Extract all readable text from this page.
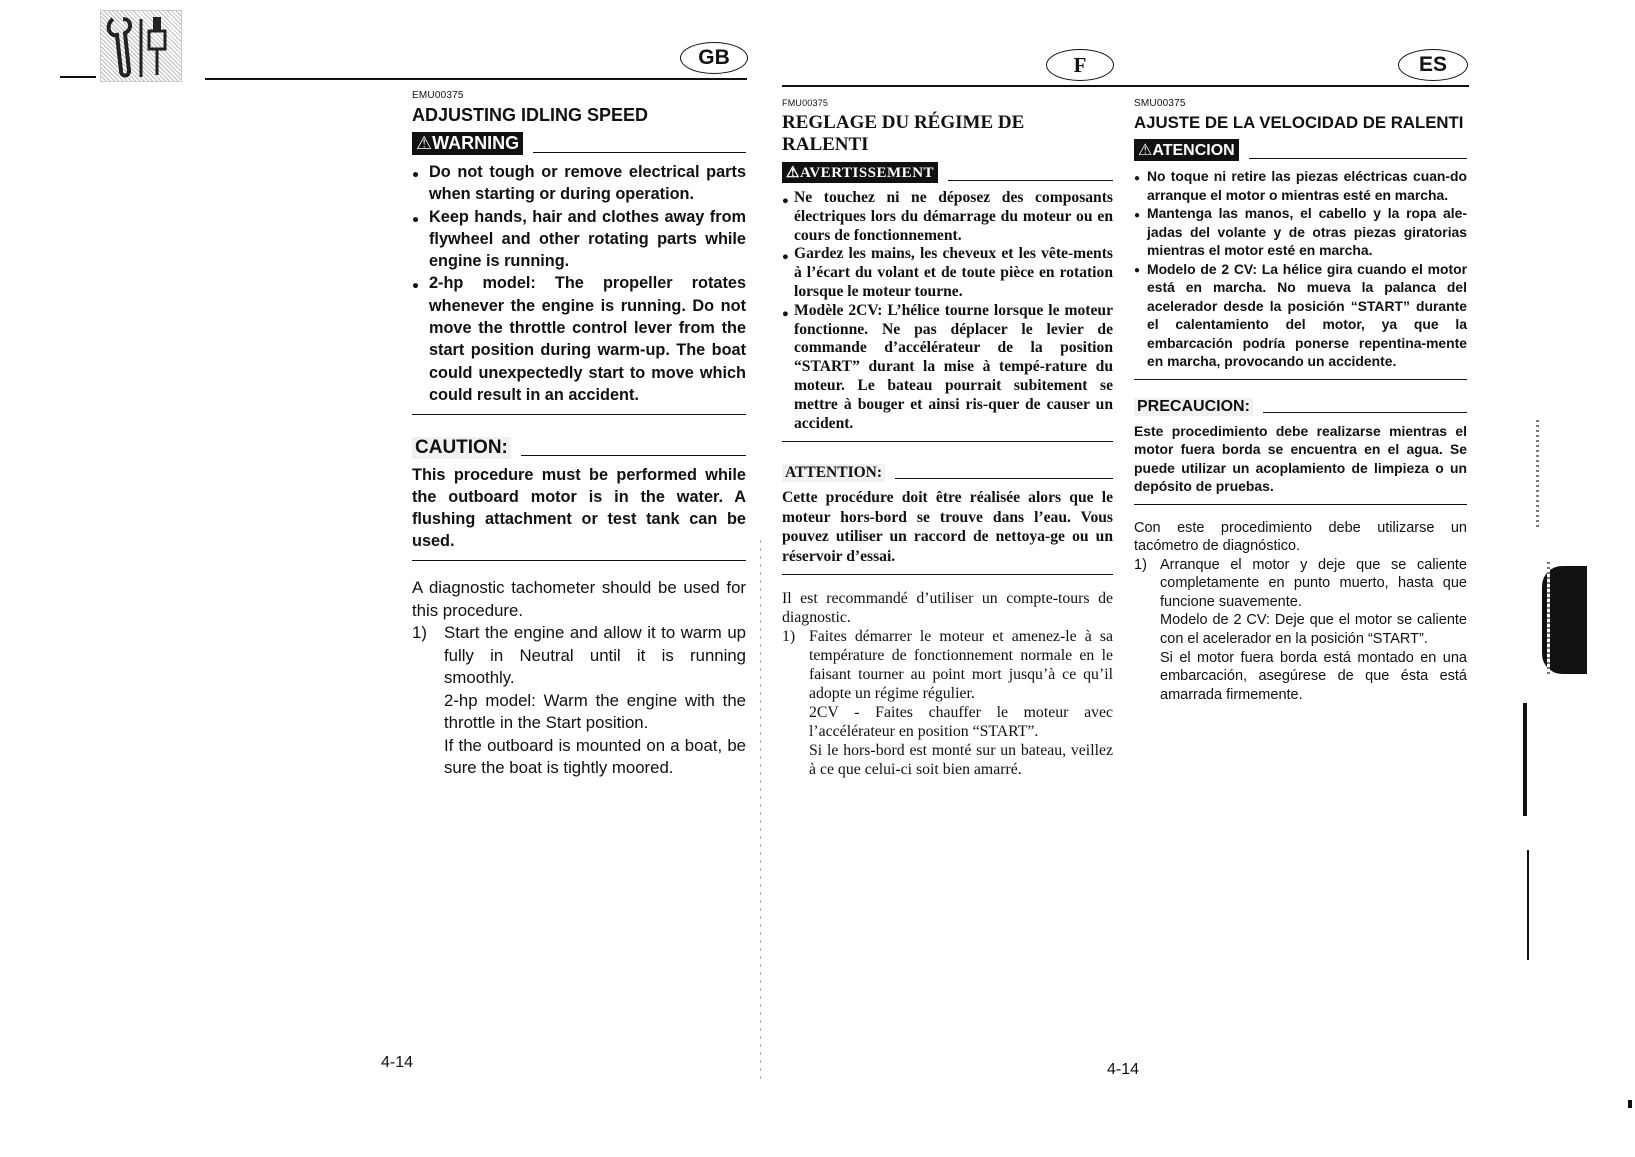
GB	F	ES
EMU00375
ADJUSTING IDLING SPEED
⚠WARNING
● Do not tough or remove electrical parts when starting or during operation.
● Keep hands, hair and clothes away from flywheel and other rotating parts while engine is running.
● 2-hp model: The propeller rotates whenever the engine is running. Do not move the throttle control lever from the start position during warm-up. The boat could unexpectedly start to move which could result in an accident.
CAUTION:
This procedure must be performed while the outboard motor is in the water. A flushing attachment or test tank can be used.
A diagnostic tachometer should be used for this procedure.
1)	Start the engine and allow it to warm up fully in Neutral until it is running smoothly.

2-hp model: Warm the engine with the throttle in the Start position.

If the outboard is mounted on a boat, be sure the boat is tightly moored.

FMU00375
REGLAGE DU RÉGIME DE RALENTI
⚠AVERTISSEMENT
● Ne touchez ni ne déposez des composants électriques lors du démarrage du moteur ou en cours de fonctionnement.
● Gardez les mains, les cheveux et les vête-ments à l’écart du volant et de toute pièce en rotation lorsque le moteur tourne.
● Modèle 2CV: L’hélice tourne lorsque le moteur fonctionne. Ne pas déplacer le levier de commande d’accélérateur de la position “START” durant la mise à tempé-rature du moteur. Le bateau pourrait subitement se mettre à bouger et ainsi ris-quer de causer un accident.
ATTENTION:
Cette procédure doit être réalisée alors que le moteur hors-bord se trouve dans l’eau. Vous pouvez utiliser un raccord de nettoya-ge ou un réservoir d’essai.
Il est recommandé d’utiliser un compte-tours de diagnostic.
1) Faites démarrer le moteur et amenez-le à sa température de fonctionnement normale en le faisant tourner au point mort jusqu’à ce qu’il adopte un régime régulier.

2CV - Faites chauffer le moteur avec l’accélérateur en position “START”.

Si le hors-bord est monté sur un bateau, veillez à ce que celui-ci soit bien amarré.

SMU00375
AJUSTE DE LA VELOCIDAD DE RALENTI
⚠ATENCION
● No toque ni retire las piezas eléctricas cuan-do arranque el motor o mientras esté en marcha.
● Mantenga las manos, el cabello y la ropa ale-jadas del volante y de otras piezas giratorias mientras el motor esté en marcha.
● Modelo de 2 CV: La hélice gira cuando el motor está en marcha. No mueva la palanca del acelerador desde la posición “START” durante el calentamiento del motor, ya que la embarcación podría ponerse repentina-mente en marcha, provocando un accidente.
PRECAUCION:
Este procedimiento debe realizarse mientras el motor fuera borda se encuentra en el agua. Se puede utilizar un acoplamiento de limpieza o un depósito de pruebas.
Con este procedimiento debe utilizarse un tacómetro de diagnóstico.
1) Arranque el motor y deje que se caliente completamente en punto muerto, hasta que funcione suavemente.

Modelo de 2 CV: Deje que el motor se caliente con el acelerador en la posición “START”.

Si el motor fuera borda está montado en una embarcación, asegúrese de que ésta está amarrada firmemente.

4-14	4-14
